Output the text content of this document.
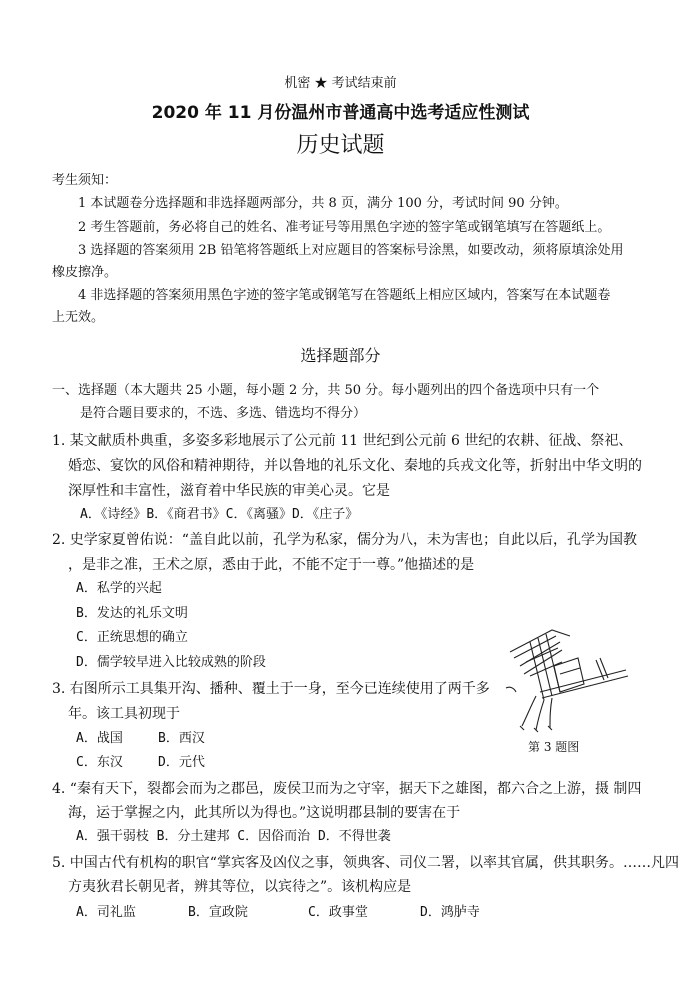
机密 ★ 考试结束前
2020 年 11 月份温州市普通高中选考适应性测试
历史试题
考生须知：
1 本试题卷分选择题和非选择题两部分，共 8 页，满分 100 分，考试时间 90 分钟。
2 考生答题前，务必将自己的姓名、准考证号等用黑色字迹的签字笔或钢笔填写在答题纸上。
3 选择题的答案须用 2B 铅笔将答题纸上对应题目的答案标号涂黑，如要改动，须将原填涂处用
橡皮擦净。
4 非选择题的答案须用黑色字迹的签字笔或钢笔写在答题纸上相应区域内，答案写在本试题卷
上无效。
选择题部分
一、选择题（本大题共 25 小题，每小题 2 分，共 50 分。每小题列出的四个备选项中只有一个
是符合题目要求的，不选、多选、错选均不得分）
1. 某文献质朴典重，多姿多彩地展示了公元前 11 世纪到公元前 6 世纪的农耕、征战、祭祀、
婚恋、宴饮的风俗和精神期待，并以鲁地的礼乐文化、秦地的兵戎文化等，折射出中华文明的
深厚性和丰富性，滋育着中华民族的审美心灵。它是
A．《诗经》B．《商君书》C．《离骚》D．《庄子》
2. 史学家夏曾佑说：“盖自此以前，孔学为私家，儒分为八，未为害也；自此以后，孔学为国教
，是非之准，王术之原，悉由于此，不能不定于一尊。”他描述的是
A．私学的兴起
B．发达的礼乐文明
C．正统思想的确立
D．儒学较早进入比较成熟的阶段
3. 右图所示工具集开沟、播种、覆土于一身，至今已连续使用了两千多
年。该工具初现于
A．战国	B．西汉
C．东汉	D．元代
第 3 题图
4. “秦有天下，裂都会而为之郡邑，废侯卫而为之守宰，据天下之雄图，都六合之上游，摄 制四
海，运于掌握之内，此其所以为得也。”这说明郡县制的要害在于
A．强干弱枝 B．分土建邦 C．因俗而治 D．不得世袭
5. 中国古代有机构的职官“掌宾客及凶仪之事，领典客、司仪二署，以率其官属，供其职务。……凡四
方夷狄君长朝见者，辨其等位，以宾待之”。该机构应是
A．司礼监	B．宣政院	C．政事堂	D．鸿胪寺
